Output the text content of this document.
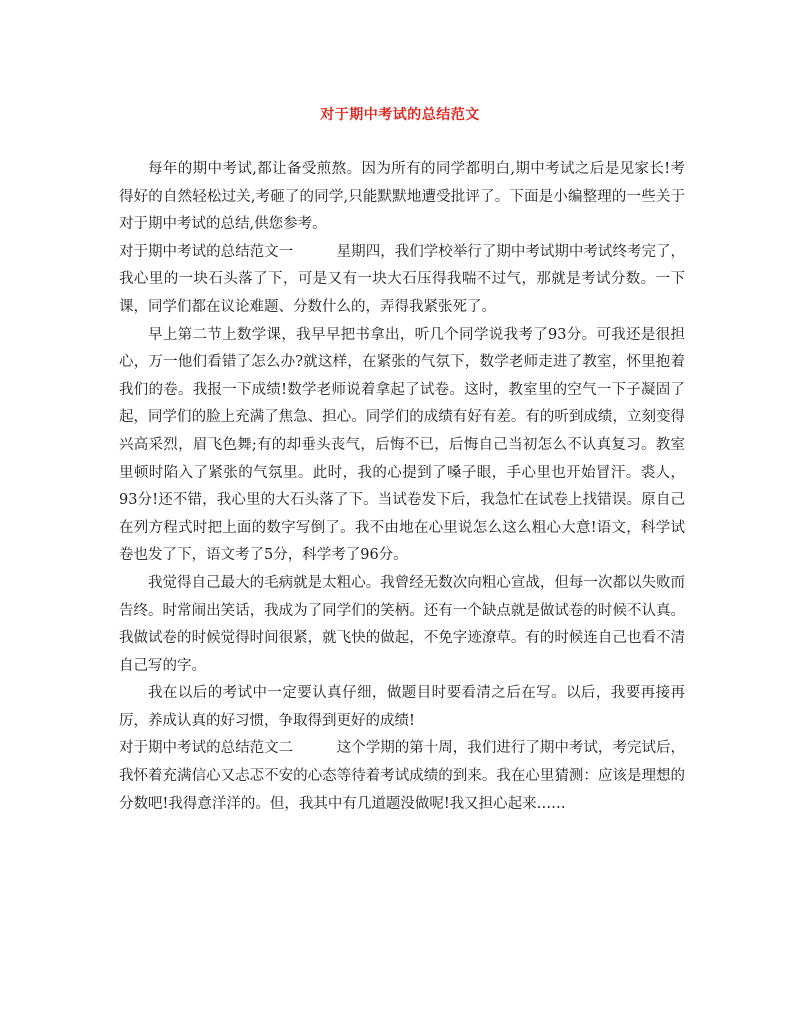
对于期中考试的总结范文

每年的期中考试,都让备受煎熬。因为所有的同学都明白,期中考试之后是见家长!考得好的自然轻松过关,考砸了的同学,只能默默地遭受批评了。下面是小编整理的一些关于对于期中考试的总结,供您参考。

对于期中考试的总结范文一	星期四，我们学校举行了期中考试期中考试终考完了，我心里的一块石头落了下，可是又有一块大石压得我喘不过气，那就是考试分数。一下课，同学们都在议论难题、分数什么的，弄得我紧张死了。

早上第二节上数学课，我早早把书拿出，听几个同学说我考了93分。可我还是很担心，万一他们看错了怎么办?就这样，在紧张的气氛下，数学老师走进了教室，怀里抱着我们的卷。我报一下成绩!数学老师说着拿起了试卷。这时，教室里的空气一下子凝固了起，同学们的脸上充满了焦急、担心。同学们的成绩有好有差。有的听到成绩，立刻变得兴高采烈，眉飞色舞;有的却垂头丧气，后悔不已，后悔自己当初怎么不认真复习。教室里顿时陷入了紧张的气氛里。此时，我的心提到了嗓子眼，手心里也开始冒汗。裘人，93分!还不错，我心里的大石头落了下。当试卷发下后，我急忙在试卷上找错误。原自己在列方程式时把上面的数字写倒了。我不由地在心里说怎么这么粗心大意!语文，科学试卷也发了下，语文考了5分，科学考了96分。

我觉得自己最大的毛病就是太粗心。我曾经无数次向粗心宣战，但每一次都以失败而告终。时常闹出笑话，我成为了同学们的笑柄。还有一个缺点就是做试卷的时候不认真。我做试卷的时候觉得时间很紧，就飞快的做起，不免字迹潦草。有的时候连自己也看不清自己写的字。

我在以后的考试中一定要认真仔细，做题目时要看清之后在写。以后，我要再接再厉，养成认真的好习惯，争取得到更好的成绩!

对于期中考试的总结范文二	这个学期的第十周，我们进行了期中考试，考完试后，我怀着充满信心又忐忑不安的心态等待着考试成绩的到来。我在心里猜测：应该是理想的分数吧!我得意洋洋的。但，我其中有几道题没做呢!我又担心起来……
